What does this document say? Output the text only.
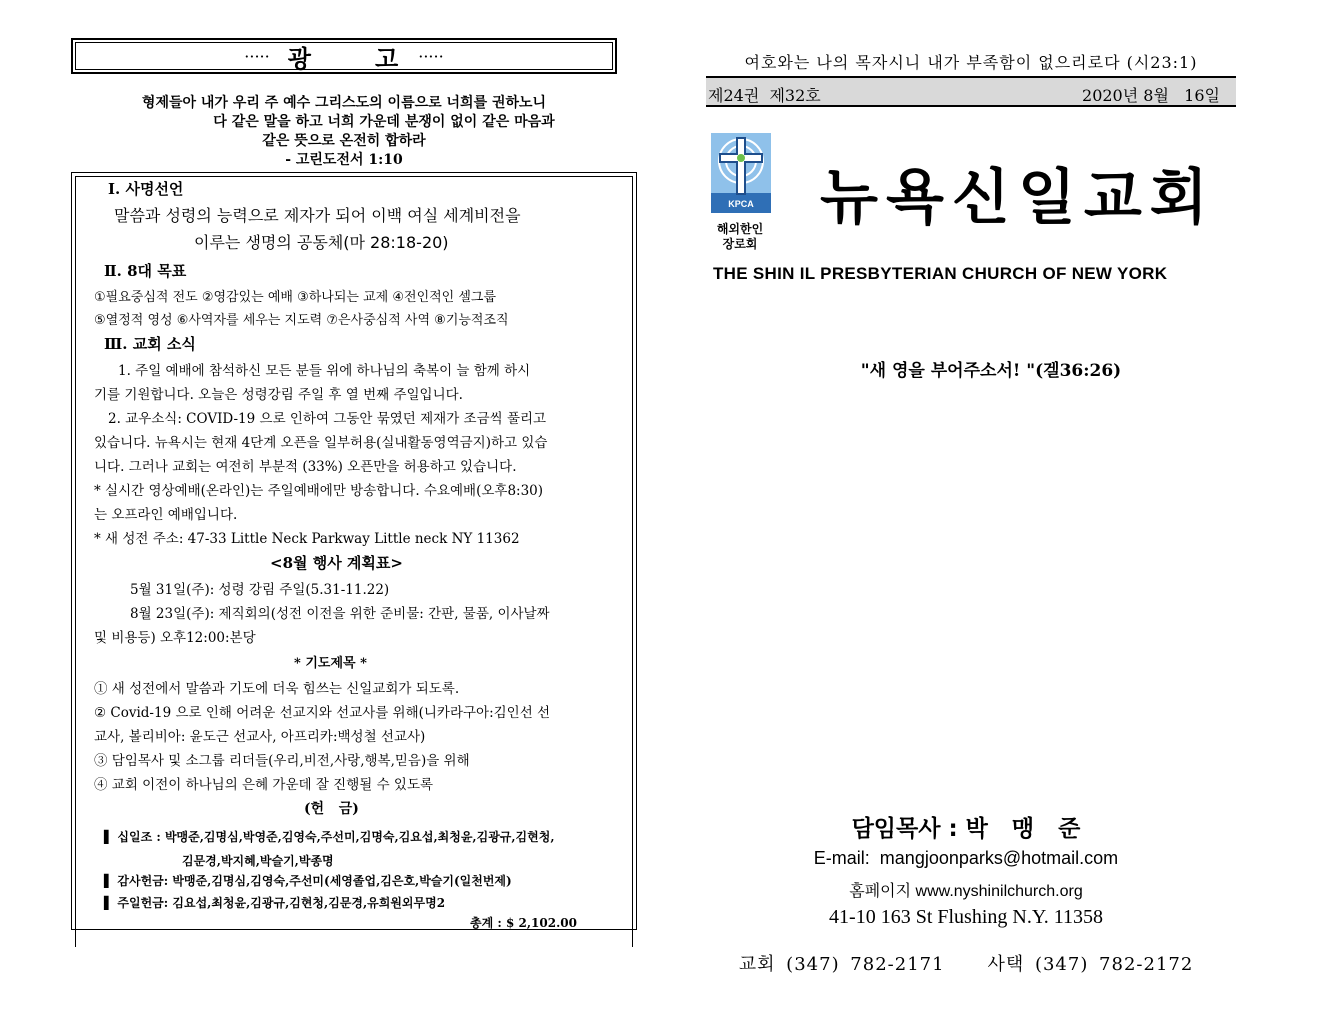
····· 광      고 ·····
형제들아 내가 우리 주 예수 그리스도의 이름으로 너희를 권하노니
다 같은 말을 하고 너희 가운데 분쟁이 없이 같은 마음과
같은 뜻으로 온전히 합하라
- 고린도전서 1:10
Ⅰ. 사명선언
말씀과 성령의 능력으로 제자가 되어 이백 여실 세계비전을
이루는 생명의 공동체(마 28:18-20)
Ⅱ. 8대 목표
①필요중심적 전도 ②영감있는 예배 ③하나되는 교제 ④전인적인 셀그룹
⑤열정적 영성 ⑥사역자를 세우는 지도력 ⑦은사중심적 사역 ⑧기능적조직
Ⅲ. 교회 소식
1. 주일 예배에 참석하신 모든 분들 위에 하나님의 축복이 늘 함께 하시
기를 기원합니다. 오늘은 성령강림 주일 후 열 번째 주일입니다.
2. 교우소식: COVID-19 으로 인하여 그동안 묶였던 제재가 조금씩 풀리고
있습니다. 뉴욕시는 현재 4단계 오픈을 일부허용(실내활동영역금지)하고 있습
니다. 그러나 교회는 여전히 부분적 (33%) 오픈만을 허용하고 있습니다.
* 실시간 영상예배(온라인)는 주일예배에만 방송합니다. 수요예배(오후8:30)
는 오프라인 예배입니다.
* 새 성전 주소: 47-33 Little Neck Parkway Little neck NY 11362
<8월 행사 계획표>
5월 31일(주): 성령 강림 주일(5.31-11.22)
8월 23일(주): 제직회의(성전 이전을 위한 준비물: 간판, 물품, 이사날짜
및 비용등) 오후12:00:본당
* 기도제목 *
① 새 성전에서 말씀과 기도에 더욱 힘쓰는 신일교회가 되도록.
② Covid-19 으로 인해 어려운 선교지와 선교사를 위해(니카라구아:김인선 선
교사, 볼리비아: 윤도근 선교사, 아프리카:백성철 선교사)
③ 담임목사 및 소그룹 리더들(우리,비전,사랑,행복,믿음)을 위해
④ 교회 이전이 하나님의 은혜 가운데 잘 진행될 수 있도록
(헌   금)
▌ 십일조 : 박맹준,김명심,박영준,김영숙,주선미,김명숙,김요섭,최청윤,김광규,김현청,
김문경,박지혜,박슬기,박종명
▌ 감사헌금: 박맹준,김명심,김영숙,주선미(세영졸업,김은호,박슬기(일천번제)
▌ 주일헌금: 김요섭,최청윤,김광규,김현청,김문경,유희원외무명2
총계 : $ 2,102.00
여호와는 나의 목자시니 내가 부족함이 없으리로다 (시23:1)
제24권  제32호	2020년 8월   16일
KPCA
해외한인
장로회
뉴욕신일교회
THE SHIN IL PRESBYTERIAN CHURCH OF NEW YORK
"새 영을 부어주소서! "(겔36:26)
담임목사 : 박   맹   준
E-mail:  mangjoonparks@hotmail.com
홈페이지 www.nyshinilchurch.org
41-10 163 St Flushing N.Y. 11358
교회 (347) 782-2171    사택 (347) 782-2172
